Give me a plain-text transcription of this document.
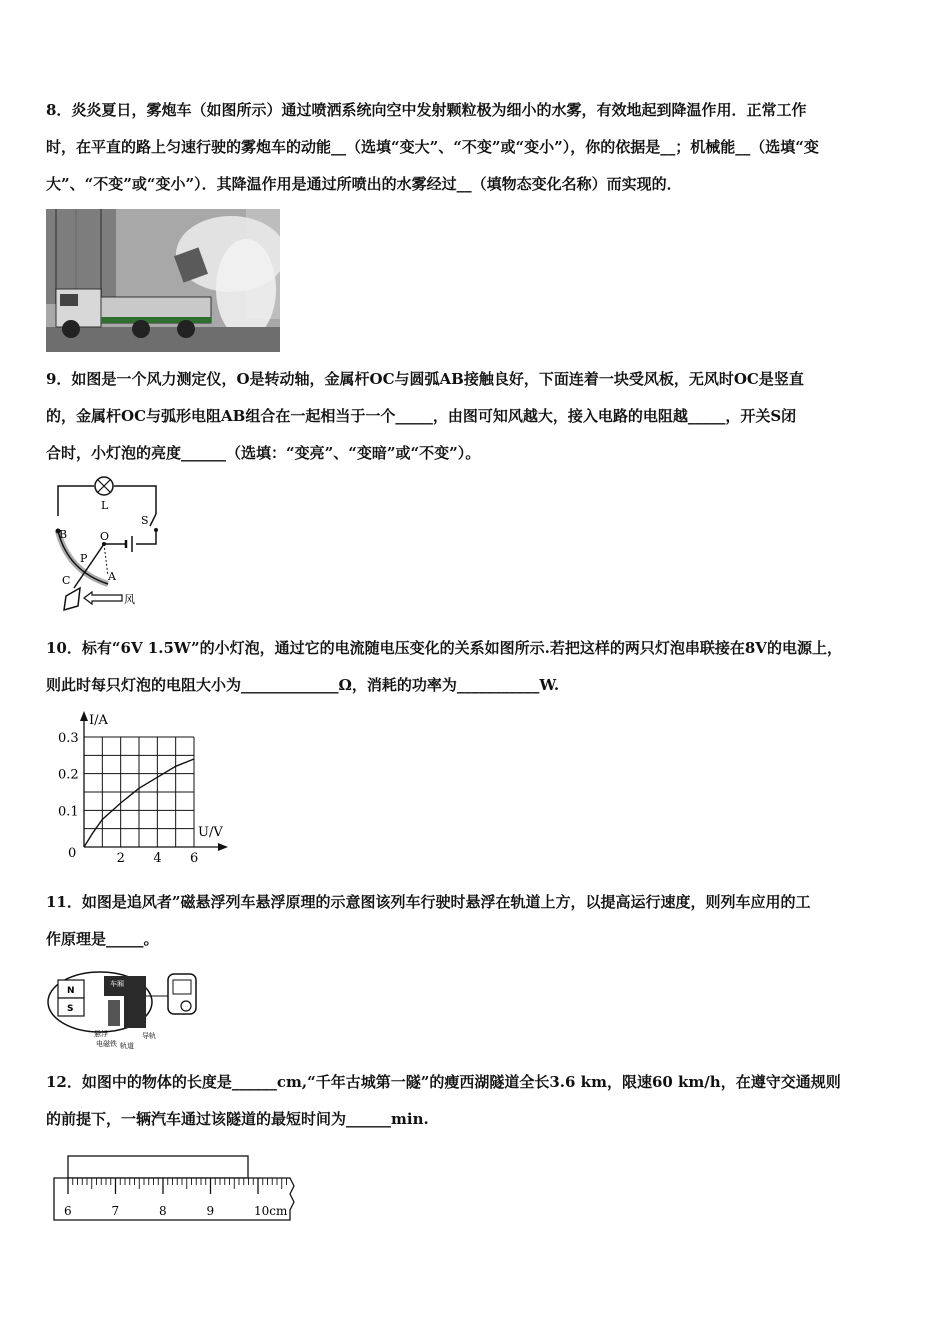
8．炎炎夏日，雾炮车（如图所示）通过喷洒系统向空中发射颗粒极为细小的水雾，有效地起到降温作用．正常工作
时，在平直的路上匀速行驶的雾炮车的动能__（选填“变大”、“不变”或“变小”），你的依据是__；机械能__（选填“变
大”、“不变”或“变小”）．其降温作用是通过所喷出的水雾经过__（填物态变化名称）而实现的．
9．如图是一个风力测定仪，O是转动轴，金属杆OC与圆弧AB接触良好，下面连着一块受风板，无风时OC是竖直
的，金属杆OC与弧形电阻AB组合在一起相当于一个_____，由图可知风越大，接入电路的电阻越_____，开关S闭
合时，小灯泡的亮度______（选填：“变亮”、“变暗”或“不变”）。
L
S
B	O
P
A
C
风
10．标有“6V 1.5W”的小灯泡，通过它的电流随电压变化的关系如图所示.若把这样的两只灯泡串联接在8V的电源上，
则此时每只灯泡的电阻大小为_____________Ω，消耗的功率为___________W.
2 4 6
0.1
0.2
0.3
I/A
U/V
0
11．如图是追风者”磁悬浮列车悬浮原理的示意图该列车行驶时悬浮在轨道上方，以提高运行速度，则列车应用的工
作原理是_____。
N
S
车厢
悬浮
电磁铁 轨道
导轨
12．如图中的物体的长度是______cm,“千年古城第一隧”的瘦西湖隧道全长3.6 km，限速60 km/h，在遵守交通规则
的前提下，一辆汽车通过该隧道的最短时间为______min.
6	7	8	9	10cm
